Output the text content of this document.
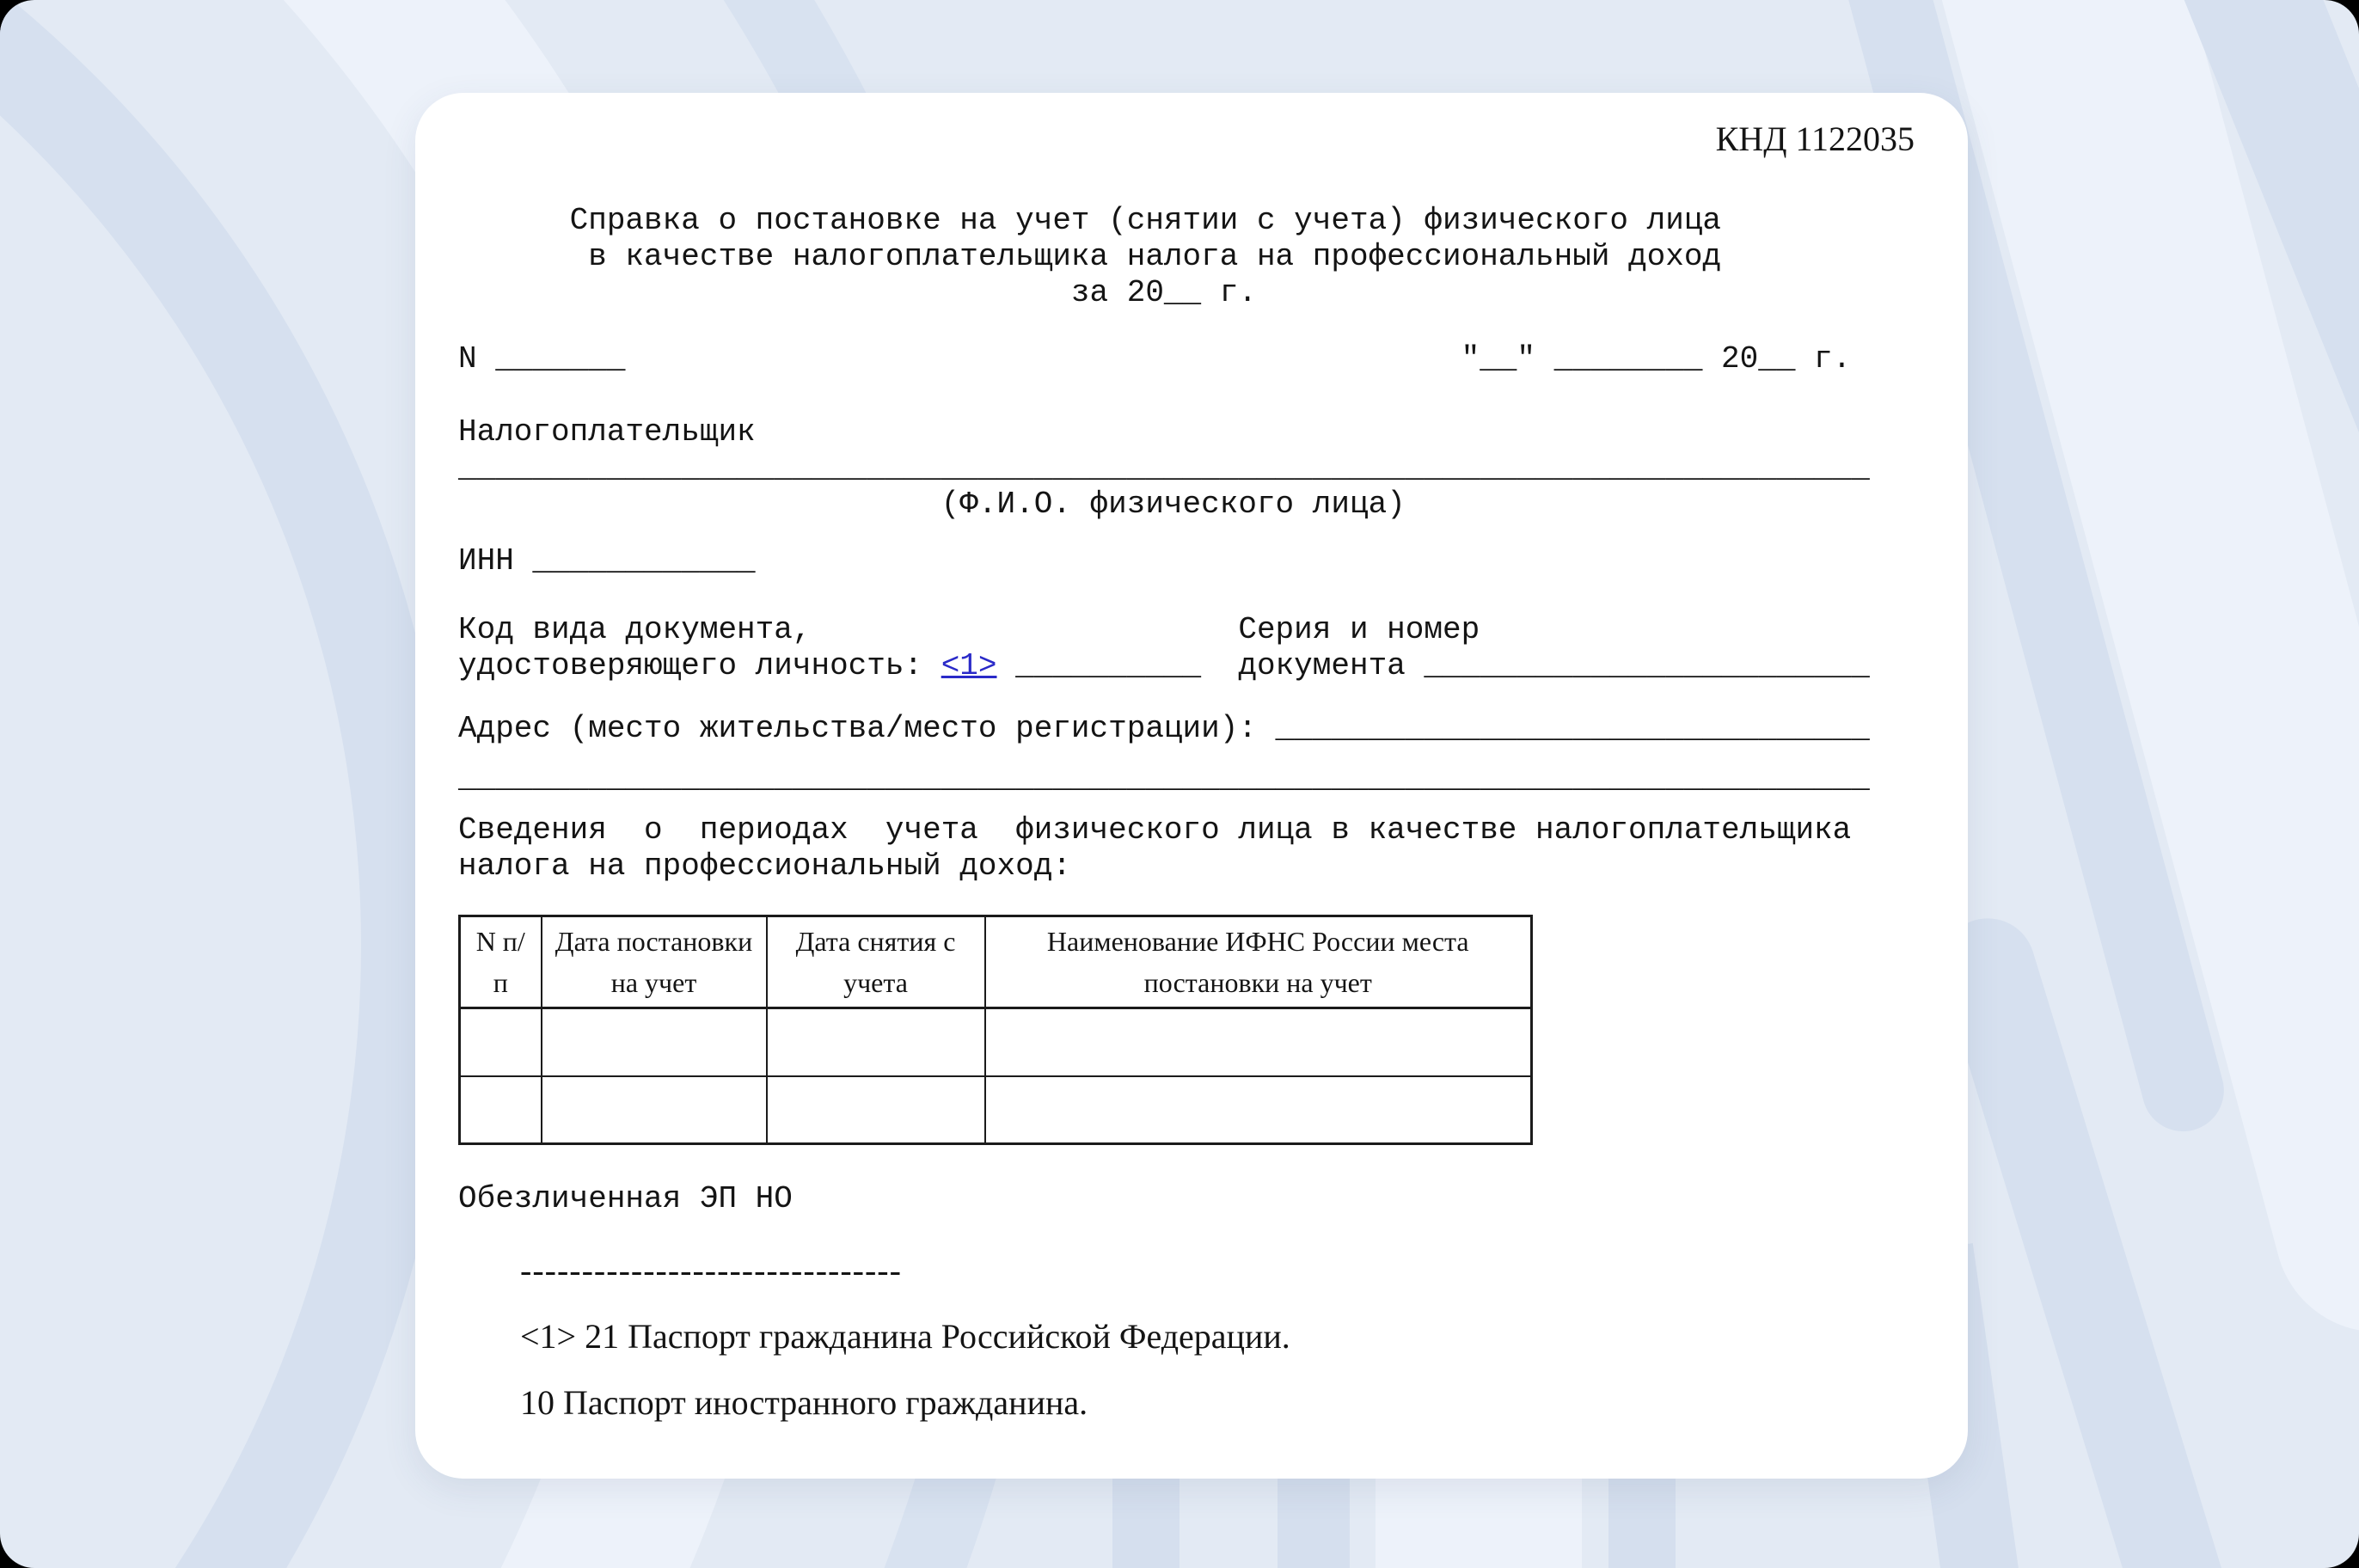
КНД 1122035
Справка о постановке на учет (снятии с учета) физического лица
в качестве налогоплательщика налога на профессиональный доход
за 20__ г.
N _______                                             "__" ________ 20__ г.
Налогоплательщик
____________________________________________________________________________
(Ф.И.О. физического лица)
ИНН ____________
Код вида документа,                       Серия и номер
удостоверяющего личность: <1> __________  документа ________________________
Адрес (место жительства/место регистрации): ________________________________
____________________________________________________________________________
Сведения  о  периодах  учета  физического лица в качестве налогоплательщика
налога на профессиональный доход:
N п/п	Дата постановки на учет	Дата снятия с учета	Наименование ИФНС России места постановки на учет

Обезличенная ЭП НО
-------------------------------
<1> 21 Паспорт гражданина Российской Федерации.
10 Паспорт иностранного гражданина.
